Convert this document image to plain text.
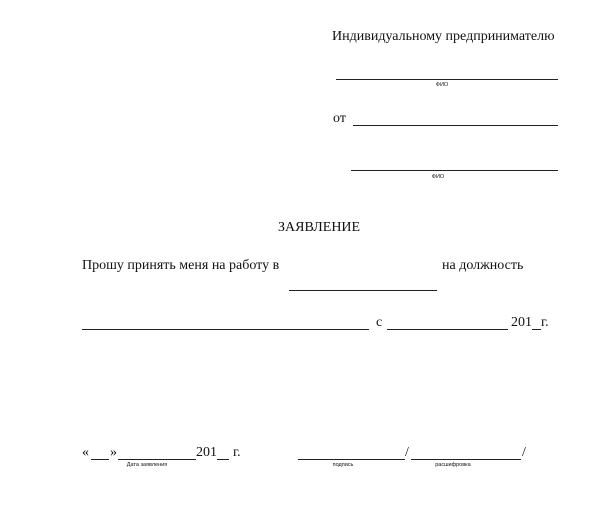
Индивидуальному предпринимателю
ФИО
от
ФИО
ЗАЯВЛЕНИЕ
Прошу принять меня на работу в	на должность
с	201 г.
« »	201 г.
Дата заявления
/	/
подпись	расшифровка
